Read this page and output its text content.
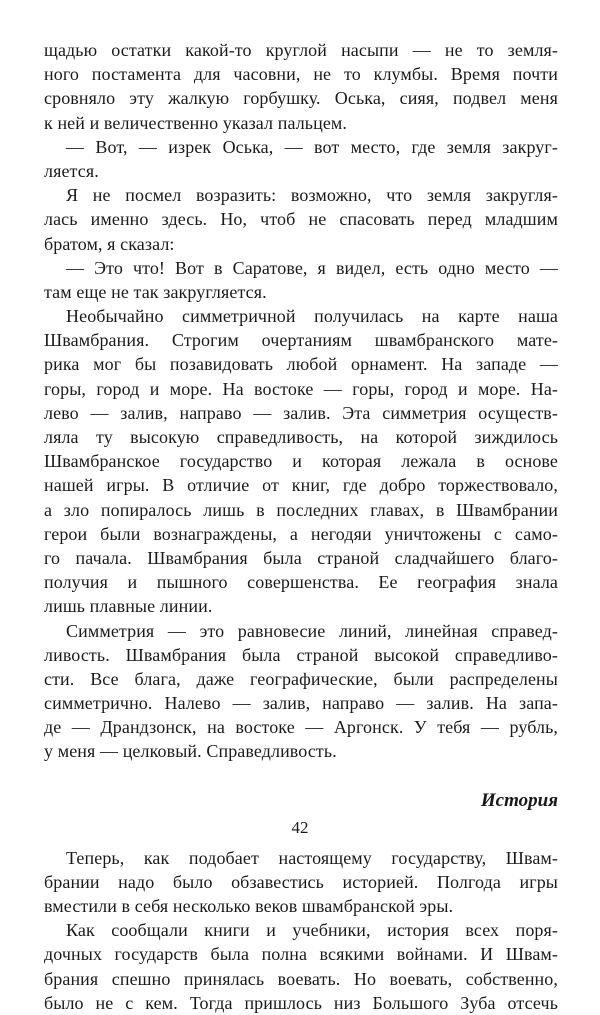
щадью остатки какой-то круглой насыпи — не то земля-
ного постамента для часовни, не то клумбы. Время почти
сровняло эту жалкую горбушку. Оська, сияя, подвел меня
к ней и величественно указал пальцем.
— Вот, — изрек Оська, — вот место, где земля закруг-
ляется.
Я не посмел возразить: возможно, что земля закругля-
лась именно здесь. Но, чтоб не спасовать перед младшим
братом, я сказал:
— Это что! Вот в Саратове, я видел, есть одно место —
там еще не так закругляется.
Необычайно симметричной получилась на карте наша
Швамбрания. Строгим очертаниям швамбранского мате-
рика мог бы позавидовать любой орнамент. На западе —
горы, город и море. На востоке — горы, город и море. На-
лево — залив, направо — залив. Эта симметрия осуществ-
ляла ту высокую справедливость, на которой зиждилось
Швамбранское государство и которая лежала в основе
нашей игры. В отличие от книг, где добро торжествовало,
а зло попиралось лишь в последних главах, в Швамбрании
герои были вознаграждены, а негодяи уничтожены с само-
го пачала. Швамбрания была страной сладчайшего благо-
получия и пышного совершенства. Ее география знала
лишь плавные линии.
Симметрия — это равновесие линий, линейная справед-
ливость. Швамбрания была страной высокой справедливо-
сти. Все блага, даже географические, были распределены
симметрично. Налево — залив, направо — залив. На запа-
де — Драндзонск, на востоке — Аргонск. У тебя — рубль,
у меня — целковый. Справедливость.
История
Теперь, как подобает настоящему государству, Швам-
брании надо было обзавестись историей. Полгода игры
вместили в себя несколько веков швамбранской эры.
Как сообщали книги и учебники, история всех поря-
дочных государств была полна всякими войнами. И Швам-
брания спешно принялась воевать. Но воевать, собственно,
было не с кем. Тогда пришлось низ Большого Зуба отсечь
42
